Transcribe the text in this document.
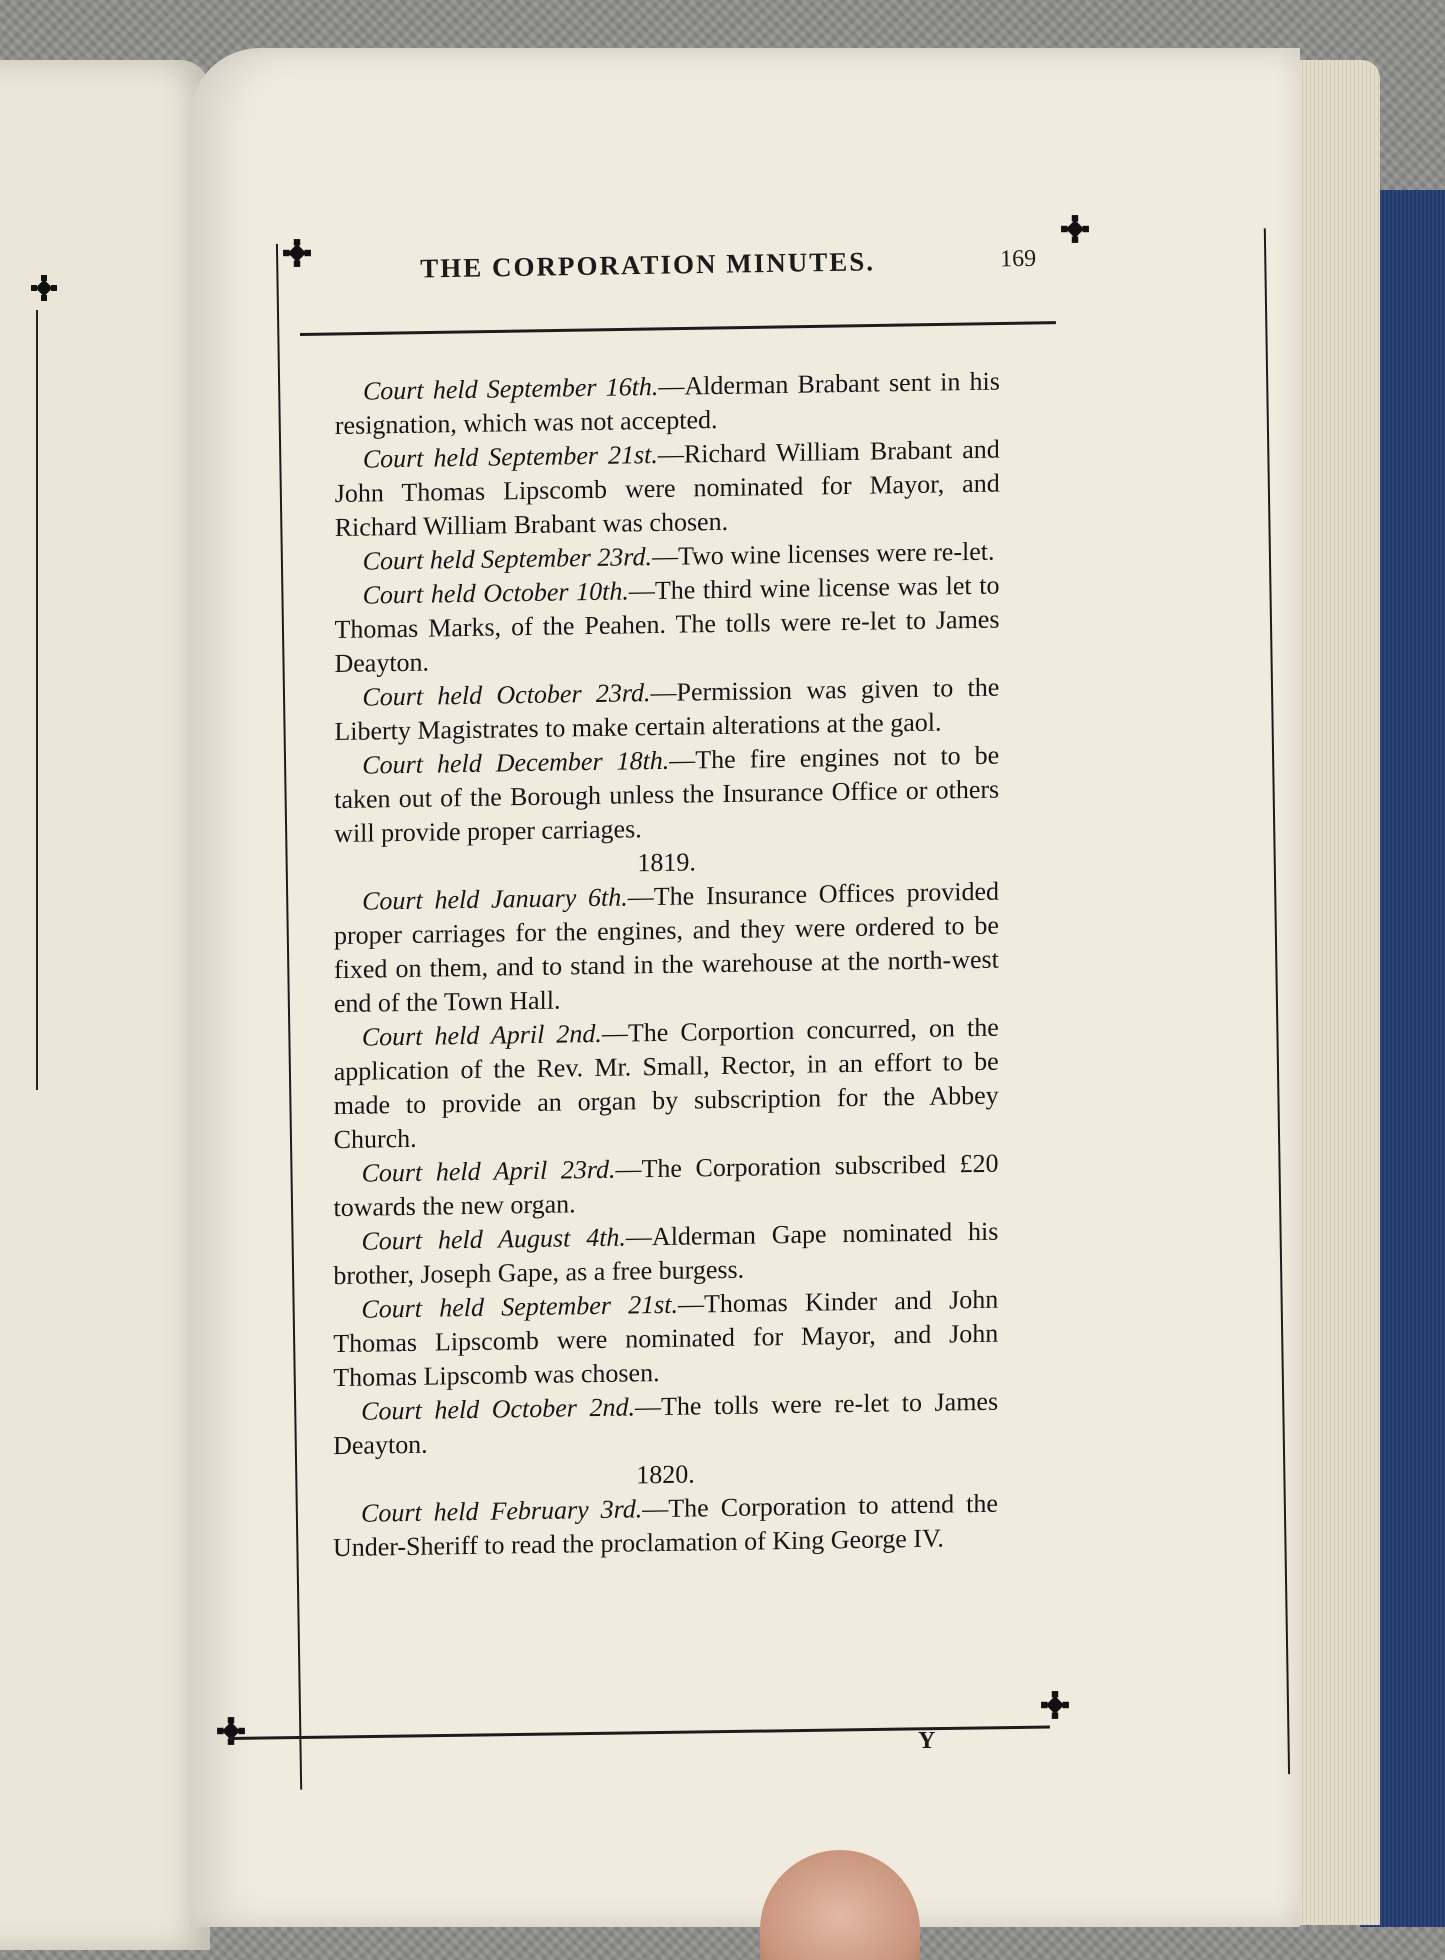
THE CORPORATION MINUTES.	169

Court held September 16th.—Alderman Brabant sent in his resignation, which was not accepted.

Court held September 21st.—Richard William Brabant and John Thomas Lipscomb were nominated for Mayor, and Richard William Brabant was chosen.

Court held September 23rd.—Two wine licenses were re-let.

Court held October 10th.—The third wine license was let to Thomas Marks, of the Peahen. The tolls were re-let to James Deayton.

Court held October 23rd.—Permission was given to the Liberty Magistrates to make certain alterations at the gaol.

Court held December 18th.—The fire engines not to be taken out of the Borough unless the Insurance Office or others will provide proper carriages.

1819.

Court held January 6th.—The Insurance Offices provided proper carriages for the engines, and they were ordered to be fixed on them, and to stand in the warehouse at the north-west end of the Town Hall.

Court held April 2nd.—The Corportion concurred, on the application of the Rev. Mr. Small, Rector, in an effort to be made to provide an organ by subscription for the Abbey Church.

Court held April 23rd.—The Corporation subscribed £20 towards the new organ.

Court held August 4th.—Alderman Gape nominated his brother, Joseph Gape, as a free burgess.

Court held September 21st.—Thomas Kinder and John Thomas Lipscomb were nominated for Mayor, and John Thomas Lipscomb was chosen.

Court held October 2nd.—The tolls were re-let to James Deayton.

1820.

Court held February 3rd.—The Corporation to attend the Under-Sheriff to read the proclamation of King George IV.

Y
